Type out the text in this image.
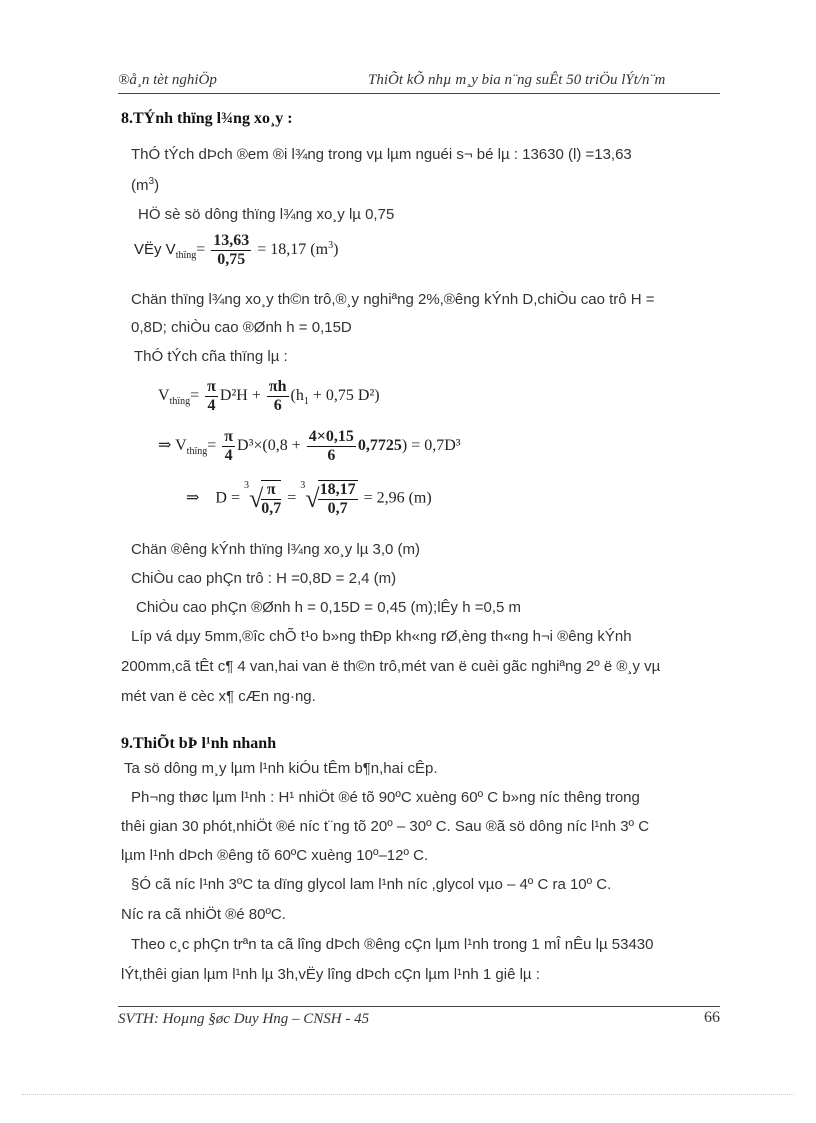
®å¸n tèt nghiÖp	ThiÕt kÕ nhµ m¸y bia n¨ng suÊt 50 triÖu lÝt/n¨m
8.TÝnh thïng l¾ng xo¸y :
ThÓ tÝch dÞch ®em ®i l¾ng trong vµ lµm nguéi s¬ bé lµ : 13630 (l) =13,63
$(m^3)$
HÖ sè sö dông thïng l¾ng xo¸y lµ 0,75
VËy $V_{thïng}= \frac{13,63}{0,75} = 18,17$ $(m^3)$
Chän thïng l¾ng xo¸y th©n trô,®¸y nghiªng 2%,®êng kÝnh D,chiÒu cao trô H =
0,8D; chiÒu cao ®Ønh h = 0,15D
ThÓ tÝch cña thïng lµ :
$V_{thïng}= \frac{\pi}{4} D^2H + \frac{\pi h}{6} (h_1 + 0,75$ D²)
⇒ $V_{thïng}= \frac{\pi}{4} D^3\times(0,8 + \frac{4\times 0,15}{6} 0,7725) = 0,7D^3$
⇒ D = $^3$√
$\frac{\pi}{0,7} = ^3√$
$\frac{18,17}{0,7} = 2,96$ (m)
Chän ®êng kÝnh thïng l¾ng xo¸y lµ 3,0 (m)
ChiÒu cao phÇn trô : H =0,8D = 2,4 (m)
ChiÒu cao phÇn ®Ønh h = 0,15D = 0,45 (m);lÊy h =0,5 m
Líp vá dµy 5mm,®îc chÕ t¹o b»ng thÐp kh«ng rØ,èng th«ng h¬i ®êng kÝnh
200mm,cã tÊt c¶ 4 van,hai van ë th©n trô,mét van ë cuèi gãc nghiªng 2º ë ®¸y vµ
mét van ë cèc x¶ cÆn ng·ng.
9.ThiÕt bÞ l¹nh nhanh
Ta sö dông m¸y lµm l¹nh kiÓu tÊm b¶n,hai cÊp.
Ph¬ng thøc lµm l¹nh : H¹ nhiÖt ®é tõ 90ºC xuèng 60º C b»ng níc thêng trong
thêi gian 30 phót,nhiÖt ®é níc t¨ng tõ 20º – 30º C. Sau ®ã sö dông níc l¹nh 3º C
lµm l¹nh dÞch ®êng tõ 60ºC xuèng 10º–12º C.
§Ó cã níc l¹nh 3ºC ta dïng glycol lam l¹nh níc ,glycol vµo – 4º C ra 10º C.
Níc ra cã nhiÖt ®é 80ºC.
Theo c¸c phÇn trªn ta cã lîng dÞch ®êng cÇn lµm l¹nh trong 1 mÎ nÊu lµ 53430
lÝt,thêi gian lµm l¹nh lµ 3h,vËy lîng dÞch cÇn lµm l¹nh 1 giê lµ :
SVTH: Hoµng §øc Duy Hng – CNSH - 45	66
